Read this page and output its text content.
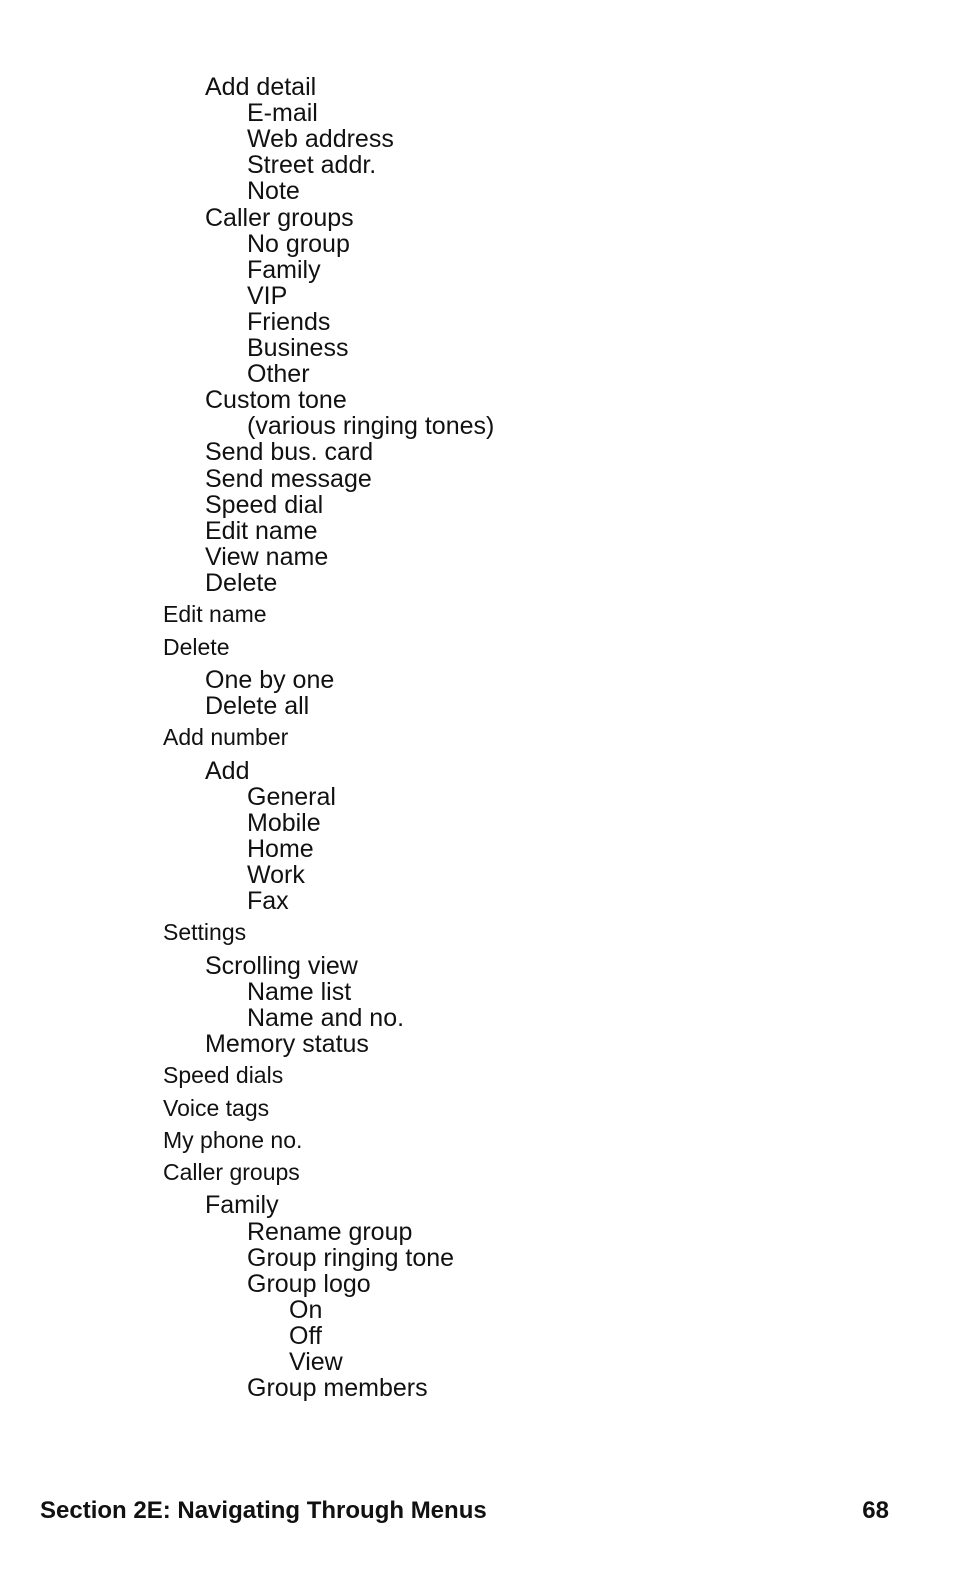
Add detail
E-mail
Web address
Street addr.
Note
Caller groups
No group
Family
VIP
Friends
Business
Other
Custom tone
(various ringing tones)
Send bus. card
Send message
Speed dial
Edit name
View name
Delete
Edit name
Delete
One by one
Delete all
Add number
Add
General
Mobile
Home
Work
Fax
Settings
Scrolling view
Name list
Name and no.
Memory status
Speed dials
Voice tags
My phone no.
Caller groups
Family
Rename group
Group ringing tone
Group logo
On
Off
View
Group members
Section 2E: Navigating Through Menus	68
